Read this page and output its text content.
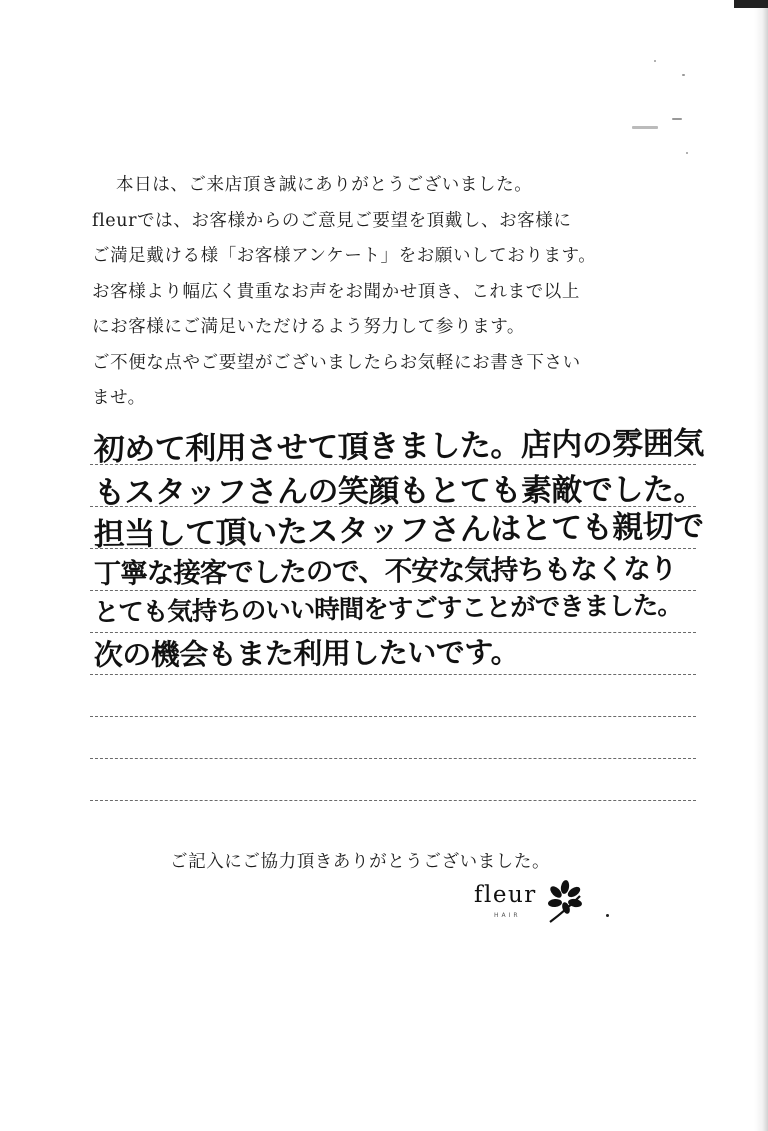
本日は、ご来店頂き誠にありがとうございました。
fleurでは、お客様からのご意見ご要望を頂戴し、お客様に
ご満足戴ける様「お客様アンケート」をお願いしております。
お客様より幅広く貴重なお声をお聞かせ頂き、これまで以上
にお客様にご満足いただけるよう努力して参ります。
ご不便な点やご要望がございましたらお気軽にお書き下さい
ませ。
初めて利用させて頂きました。店内の雰囲気
もスタッフさんの笑顔もとても素敵でした。
担当して頂いたスタッフさんはとても親切で
丁寧な接客でしたので、不安な気持ちもなくなり
とても気持ちのいい時間をすごすことができました。
次の機会もまた利用したいです。
ご記入にご協力頂きありがとうございました。
fleur
HAIR
